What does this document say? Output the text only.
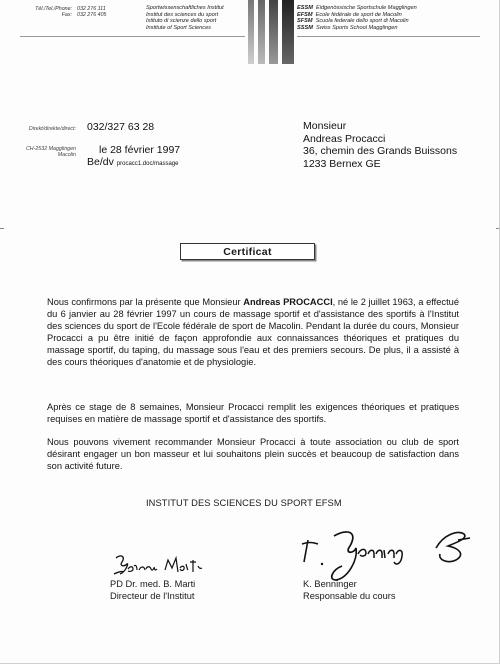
Tél./Tel./Phone:
Fax:
032 276 111
032 276 405
Sportwissenschaftliches Institut
Institut des sciences du sport
Istituto di scienze dello sport
Institute of Sport Sciences
ESSM Eidgenössische Sportschule Magglingen
EFSM Ecole fédérale de sport de Macolin
SFSM Scuola federale dello sport di Macolin
SSSM Swiss Sports School Magglingen
Direkt/direkte/direct: 032/327 63 28
CH-2532 Magglingen
Macolin	le 28 février 1997
Be/dv procacc1.doc/massage
Monsieur
Andreas Procacci
36, chemin des Grands Buissons
1233 Bernex GE
Certificat
Nous confirmons par la présente que Monsieur Andreas PROCACCI, né le 2 juillet 1963, a effectué du 6 janvier au 28 février 1997 un cours de massage sportif et d'assistance des sportifs à l'Institut des sciences du sport de l'Ecole fédérale de sport de Macolin. Pendant la durée du cours, Monsieur Procacci a pu être initié de façon approfondie aux connaissances théoriques et pratiques du massage sportif, du taping, du massage sous l'eau et des premiers secours. De plus, il a assisté à des cours théoriques d'anatomie et de physiologie.
Après ce stage de 8 semaines, Monsieur Procacci remplit les exigences théoriques et pratiques requises en matière de massage sportif et d'assistance des sportifs.
Nous pouvons vivement recommander Monsieur Procacci à toute association ou club de sport désirant engager un bon masseur et lui souhaitons plein succès et beaucoup de satisfaction dans son activité future.
INSTITUT DES SCIENCES DU SPORT EFSM
Bernard Marti
K. Benninger
PD Dr. med. B. Marti
Directeur de l'Institut
K. Benninger
Responsable du cours
